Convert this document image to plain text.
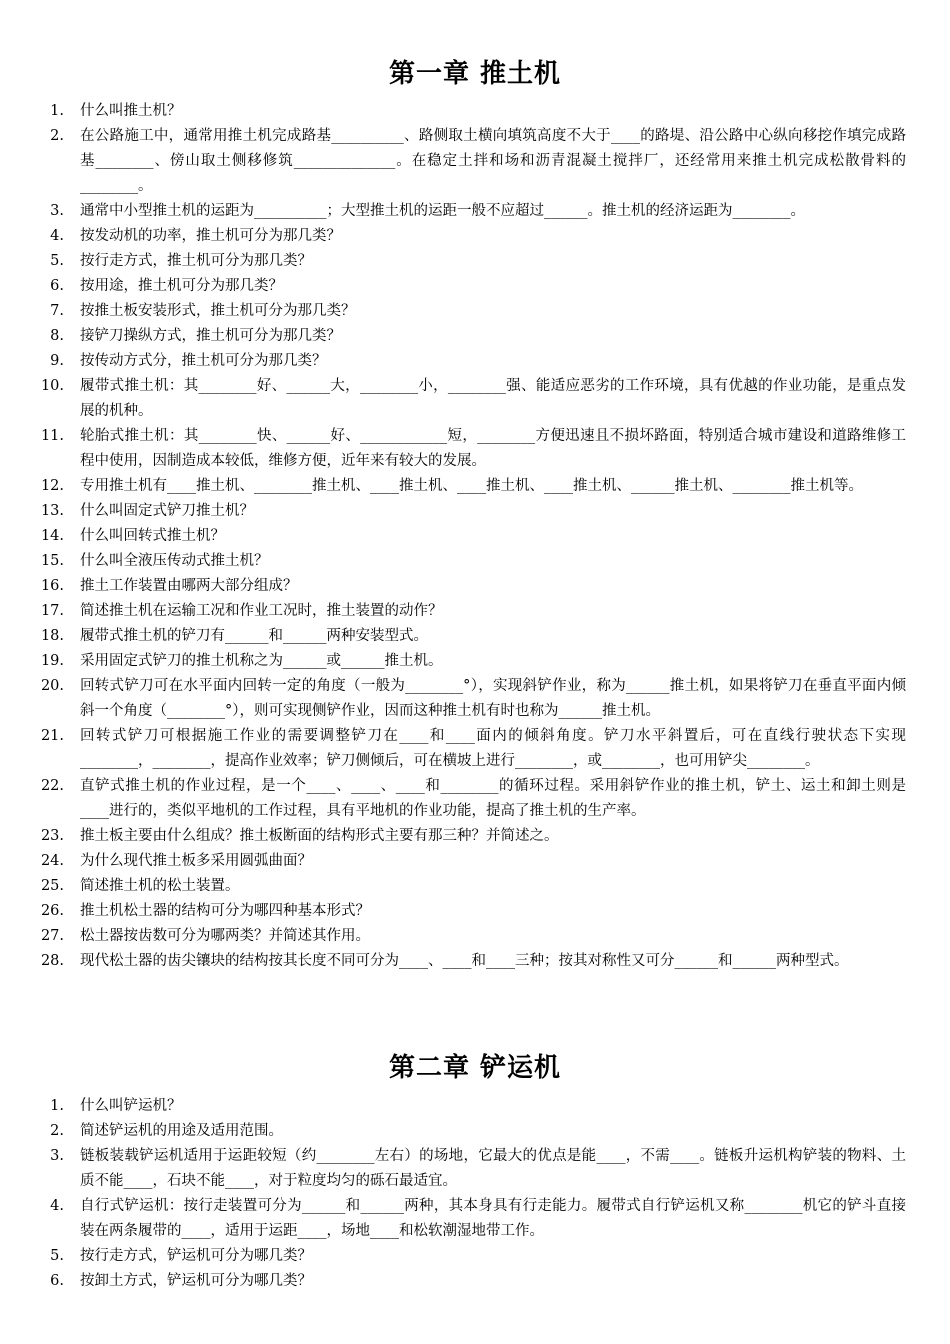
第一章 推土机
1. 什么叫推土机？
2. 在公路施工中，通常用推土机完成路基__________、路侧取土横向填筑高度不大于____的路堤、沿公路中心纵向移挖作填完成路基________、傍山取土侧移修筑______________。在稳定土拌和场和沥青混凝土搅拌厂，还经常用来推土机完成松散骨料的________。
3. 通常中小型推土机的运距为__________；大型推土机的运距一般不应超过______。推土机的经济运距为________。
4. 按发动机的功率，推土机可分为那几类？
5. 按行走方式，推土机可分为那几类？
6. 按用途，推土机可分为那几类？
7. 按推土板安装形式，推土机可分为那几类？
8. 接铲刀操纵方式，推土机可分为那几类？
9. 按传动方式分，推土机可分为那几类？
10. 履带式推土机：其________好、______大，________小，________强、能适应恶劣的工作环境，具有优越的作业功能，是重点发展的机种。
11. 轮胎式推土机：其________快、______好、____________短，________方便迅速且不损坏路面，特别适合城市建设和道路维修工程中使用，因制造成本较低，维修方便，近年来有较大的发展。
12. 专用推土机有____推土机、________推土机、____推土机、____推土机、____推土机、______推土机、________推土机等。
13. 什么叫固定式铲刀推土机？
14. 什么叫回转式推土机？
15. 什么叫全液压传动式推土机？
16. 推土工作装置由哪两大部分组成？
17. 简述推土机在运输工况和作业工况时，推土装置的动作？
18. 履带式推土机的铲刀有______和______两种安装型式。
19. 采用固定式铲刀的推土机称之为______或______推土机。
20. 回转式铲刀可在水平面内回转一定的角度（一般为________°），实现斜铲作业，称为______推土机，如果将铲刀在垂直平面内倾斜一个角度（________°），则可实现侧铲作业，因而这种推土机有时也称为______推土机。
21. 回转式铲刀可根据施工作业的需要调整铲刀在____和____面内的倾斜角度。铲刀水平斜置后，可在直线行驶状态下实现________，________，提高作业效率；铲刀侧倾后，可在横坡上进行________，或________，也可用铲尖________。
22. 直铲式推土机的作业过程，是一个____、____、____和________的循环过程。采用斜铲作业的推土机，铲土、运土和卸土则是____进行的，类似平地机的工作过程，具有平地机的作业功能，提高了推土机的生产率。
23. 推土板主要由什么组成？推土板断面的结构形式主要有那三种？并简述之。
24. 为什么现代推土板多采用圆弧曲面？
25. 简述推土机的松土装置。
26. 推土机松土器的结构可分为哪四种基本形式？
27. 松土器按齿数可分为哪两类？并简述其作用。
28. 现代松土器的齿尖镶块的结构按其长度不同可分为____、____和____三种；按其对称性又可分______和______两种型式。
第二章 铲运机
1. 什么叫铲运机？
2. 简述铲运机的用途及适用范围。
3. 链板装载铲运机适用于运距较短（约________左右）的场地，它最大的优点是能____，不需____。链板升运机构铲装的物料、土质不能____，石块不能____，对于粒度均匀的砾石最适宜。
4. 自行式铲运机：按行走装置可分为______和______两种，其本身具有行走能力。履带式自行铲运机又称________机它的铲斗直接装在两条履带的____，适用于运距____，场地____和松软潮湿地带工作。
5. 按行走方式，铲运机可分为哪几类？
6. 按卸土方式，铲运机可分为哪几类？
